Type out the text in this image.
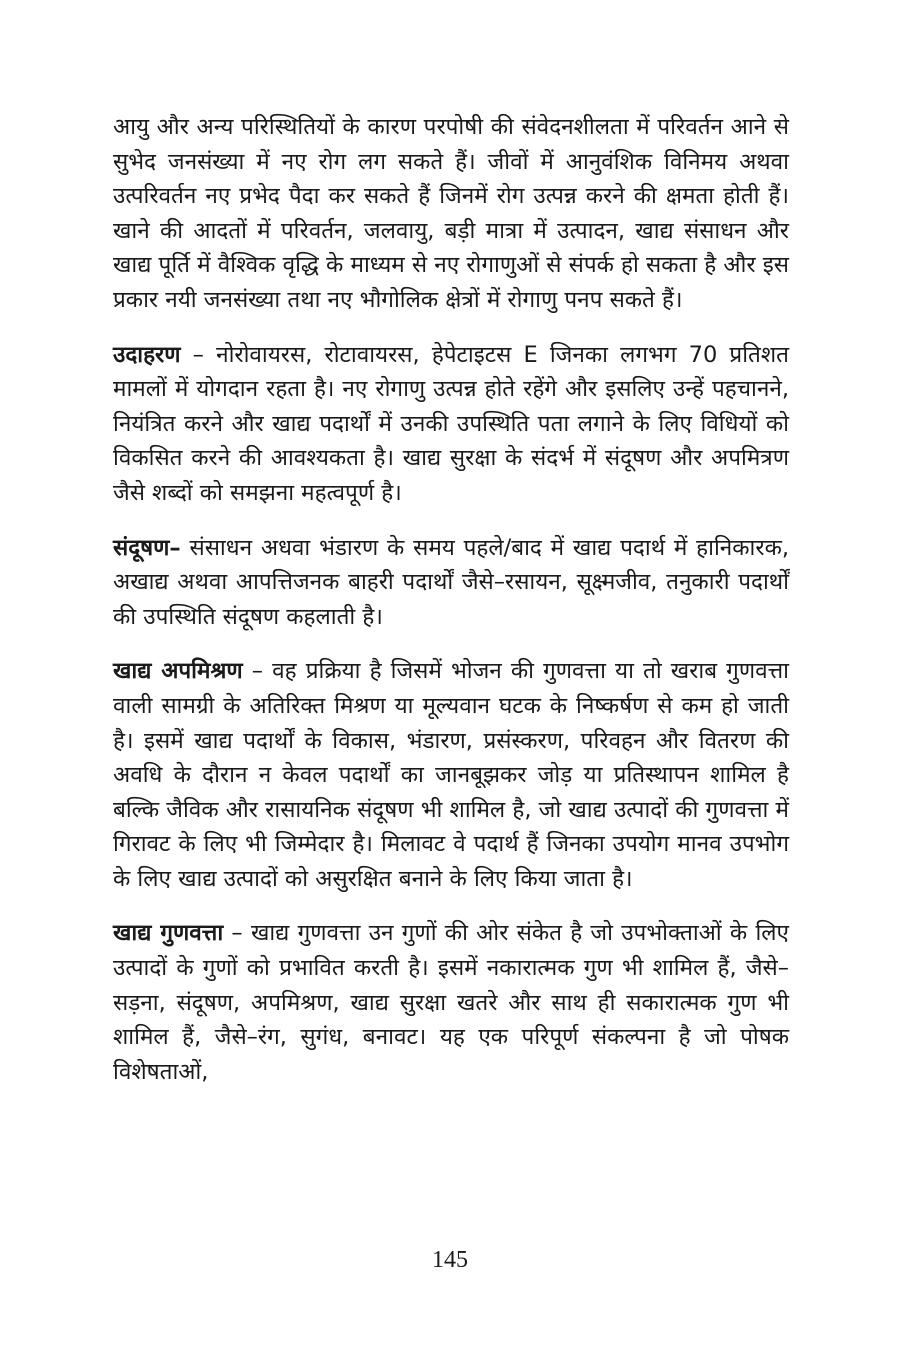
आयु और अन्य परिस्थितियों के कारण परपोषी की संवेदनशीलता में परिवर्तन आने से सुभेद जनसंख्या में नए रोग लग सकते हैं। जीवों में आनुवंशिक विनिमय अथवा उत्परिवर्तन नए प्रभेद पैदा कर सकते हैं जिनमें रोग उत्पन्न करने की क्षमता होती हैं। खाने की आदतों में परिवर्तन, जलवायु, बड़ी मात्रा में उत्पादन, खाद्य संसाधन और खाद्य पूर्ति में वैश्विक वृद्धि के माध्यम से नए रोगाणुओं से संपर्क हो सकता है और इस प्रकार नयी जनसंख्या तथा नए भौगोलिक क्षेत्रों में रोगाणु पनप सकते हैं।

उदाहरण – नोरोवायरस, रोटावायरस, हेपेटाइटस E जिनका लगभग 70 प्रतिशत मामलों में योगदान रहता है। नए रोगाणु उत्पन्न होते रहेंगे और इसलिए उन्हें पहचानने, नियंत्रित करने और खाद्य पदार्थों में उनकी उपस्थिति पता लगाने के लिए विधियों को विकसित करने की आवश्यकता है। खाद्य सुरक्षा के संदर्भ में संदूषण और अपमित्रण जैसे शब्दों को समझना महत्वपूर्ण है।

संदूषण– संसाधन अधवा भंडारण के समय पहले/बाद में खाद्य पदार्थ में हानिकारक, अखाद्य अथवा आपत्तिजनक बाहरी पदार्थों जैसे–रसायन, सूक्ष्मजीव, तनुकारी पदार्थों की उपस्थिति संदूषण कहलाती है।

खाद्य अपमिश्रण – वह प्रक्रिया है जिसमें भोजन की गुणवत्ता या तो खराब गुणवत्ता वाली सामग्री के अतिरिक्त मिश्रण या मूल्यवान घटक के निष्कर्षण से कम हो जाती है। इसमें खाद्य पदार्थों के विकास, भंडारण, प्रसंस्करण, परिवहन और वितरण की अवधि के दौरान न केवल पदार्थों का जानबूझकर जोड़ या प्रतिस्थापन शामिल है बल्कि जैविक और रासायनिक संदूषण भी शामिल है, जो खाद्य उत्पादों की गुणवत्ता में गिरावट के लिए भी जिम्मेदार है। मिलावट वे पदार्थ हैं जिनका उपयोग मानव उपभोग के लिए खाद्य उत्पादों को असुरक्षित बनाने के लिए किया जाता है।

खाद्य गुणवत्ता – खाद्य गुणवत्ता उन गुणों की ओर संकेत है जो उपभोक्ताओं के लिए उत्पादों के गुणों को प्रभावित करती है। इसमें नकारात्मक गुण भी शामिल हैं, जैसे– सड़ना, संदूषण, अपमिश्रण, खाद्य सुरक्षा खतरे और साथ ही सकारात्मक गुण भी शामिल हैं, जैसे–रंग, सुगंध, बनावट। यह एक परिपूर्ण संकल्पना है जो पोषक विशेषताओं,

145
